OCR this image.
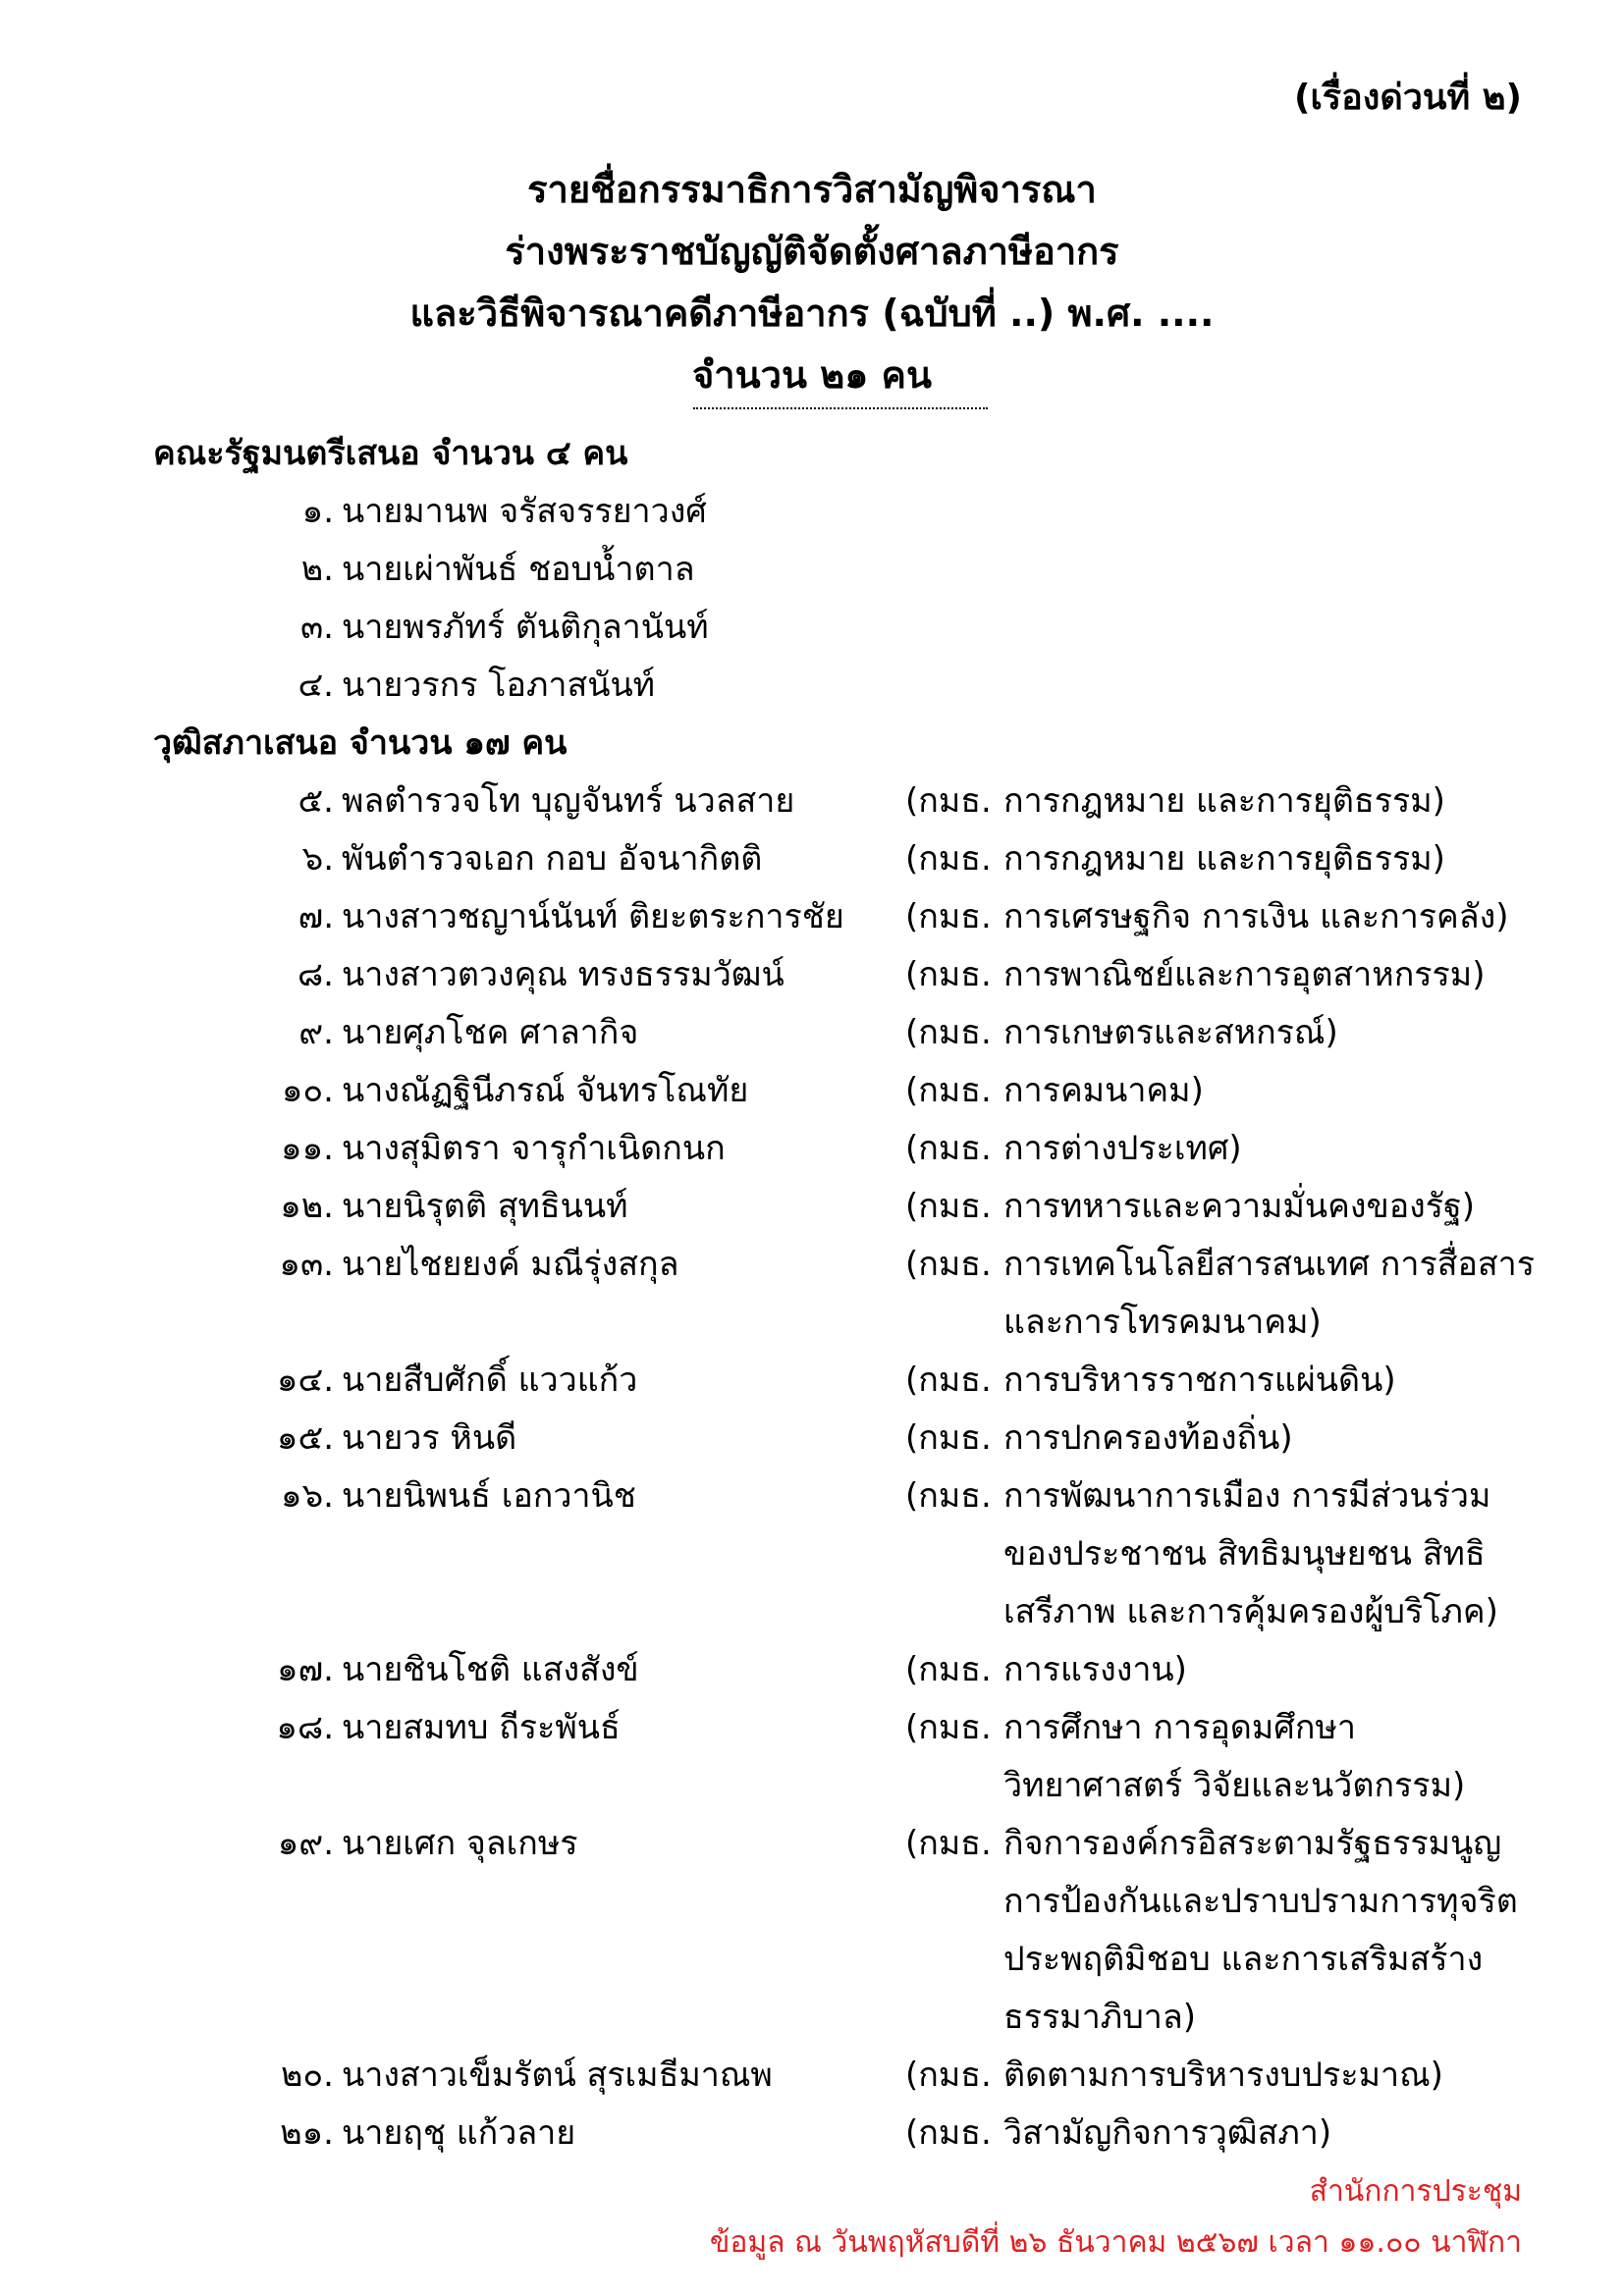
(เรื่องด่วนที่ ๒)
รายชื่อกรรมาธิการวิสามัญพิจารณา
ร่างพระราชบัญญัติจัดตั้งศาลภาษีอากร
และวิธีพิจารณาคดีภาษีอากร (ฉบับที่ ..) พ.ศ. ....
จำนวน ๒๑ คน
คณะรัฐมนตรีเสนอ จำนวน ๔ คน
๑. นายมานพ จรัสจรรยาวงศ์
๒. นายเผ่าพันธ์ ชอบน้ำตาล
๓. นายพรภัทร์ ตันติกุลานันท์
๔. นายวรกร โอภาสนันท์
วุฒิสภาเสนอ จำนวน ๑๗ คน
๕. พลตำรวจโท บุญจันทร์ นวลสาย	(กมธ. การกฎหมาย และการยุติธรรม)
๖. พันตำรวจเอก กอบ อัจนากิตติ	(กมธ. การกฎหมาย และการยุติธรรม)
๗. นางสาวชญาน์นันท์ ติยะตระการชัย	(กมธ. การเศรษฐกิจ การเงิน และการคลัง)
๘. นางสาวตวงคุณ ทรงธรรมวัฒน์	(กมธ. การพาณิชย์และการอุตสาหกรรม)
๙. นายศุภโชค ศาลากิจ	(กมธ. การเกษตรและสหกรณ์)
๑๐. นางณัฏฐินีภรณ์ จันทรโณทัย	(กมธ. การคมนาคม)
๑๑. นางสุมิตรา จารุกำเนิดกนก	(กมธ. การต่างประเทศ)
๑๒. นายนิรุตติ สุทธินนท์	(กมธ. การทหารและความมั่นคงของรัฐ)
๑๓. นายไชยยงค์ มณีรุ่งสกุล	(กมธ. การเทคโนโลยีสารสนเทศ การสื่อสาร
และการโทรคมนาคม)
๑๔. นายสืบศักดิ์ แววแก้ว	(กมธ. การบริหารราชการแผ่นดิน)
๑๕. นายวร หินดี	(กมธ. การปกครองท้องถิ่น)
๑๖. นายนิพนธ์ เอกวานิช	(กมธ. การพัฒนาการเมือง การมีส่วนร่วม
ของประชาชน สิทธิมนุษยชน สิทธิ
เสรีภาพ และการคุ้มครองผู้บริโภค)
๑๗. นายชินโชติ แสงสังข์	(กมธ. การแรงงาน)
๑๘. นายสมทบ ถีระพันธ์	(กมธ. การศึกษา การอุดมศึกษา
วิทยาศาสตร์ วิจัยและนวัตกรรม)
๑๙. นายเศก จุลเกษร	(กมธ. กิจการองค์กรอิสระตามรัฐธรรมนูญ
การป้องกันและปราบปรามการทุจริต
ประพฤติมิชอบ และการเสริมสร้าง
ธรรมาภิบาล)
๒๐. นางสาวเข็มรัตน์ สุรเมธีมาณพ	(กมธ. ติดตามการบริหารงบประมาณ)
๒๑. นายฤชุ แก้วลาย	(กมธ. วิสามัญกิจการวุฒิสภา)
สำนักการประชุม
ข้อมูล ณ วันพฤหัสบดีที่ ๒๖ ธันวาคม ๒๕๖๗ เวลา ๑๑.๐๐ นาฬิกา
